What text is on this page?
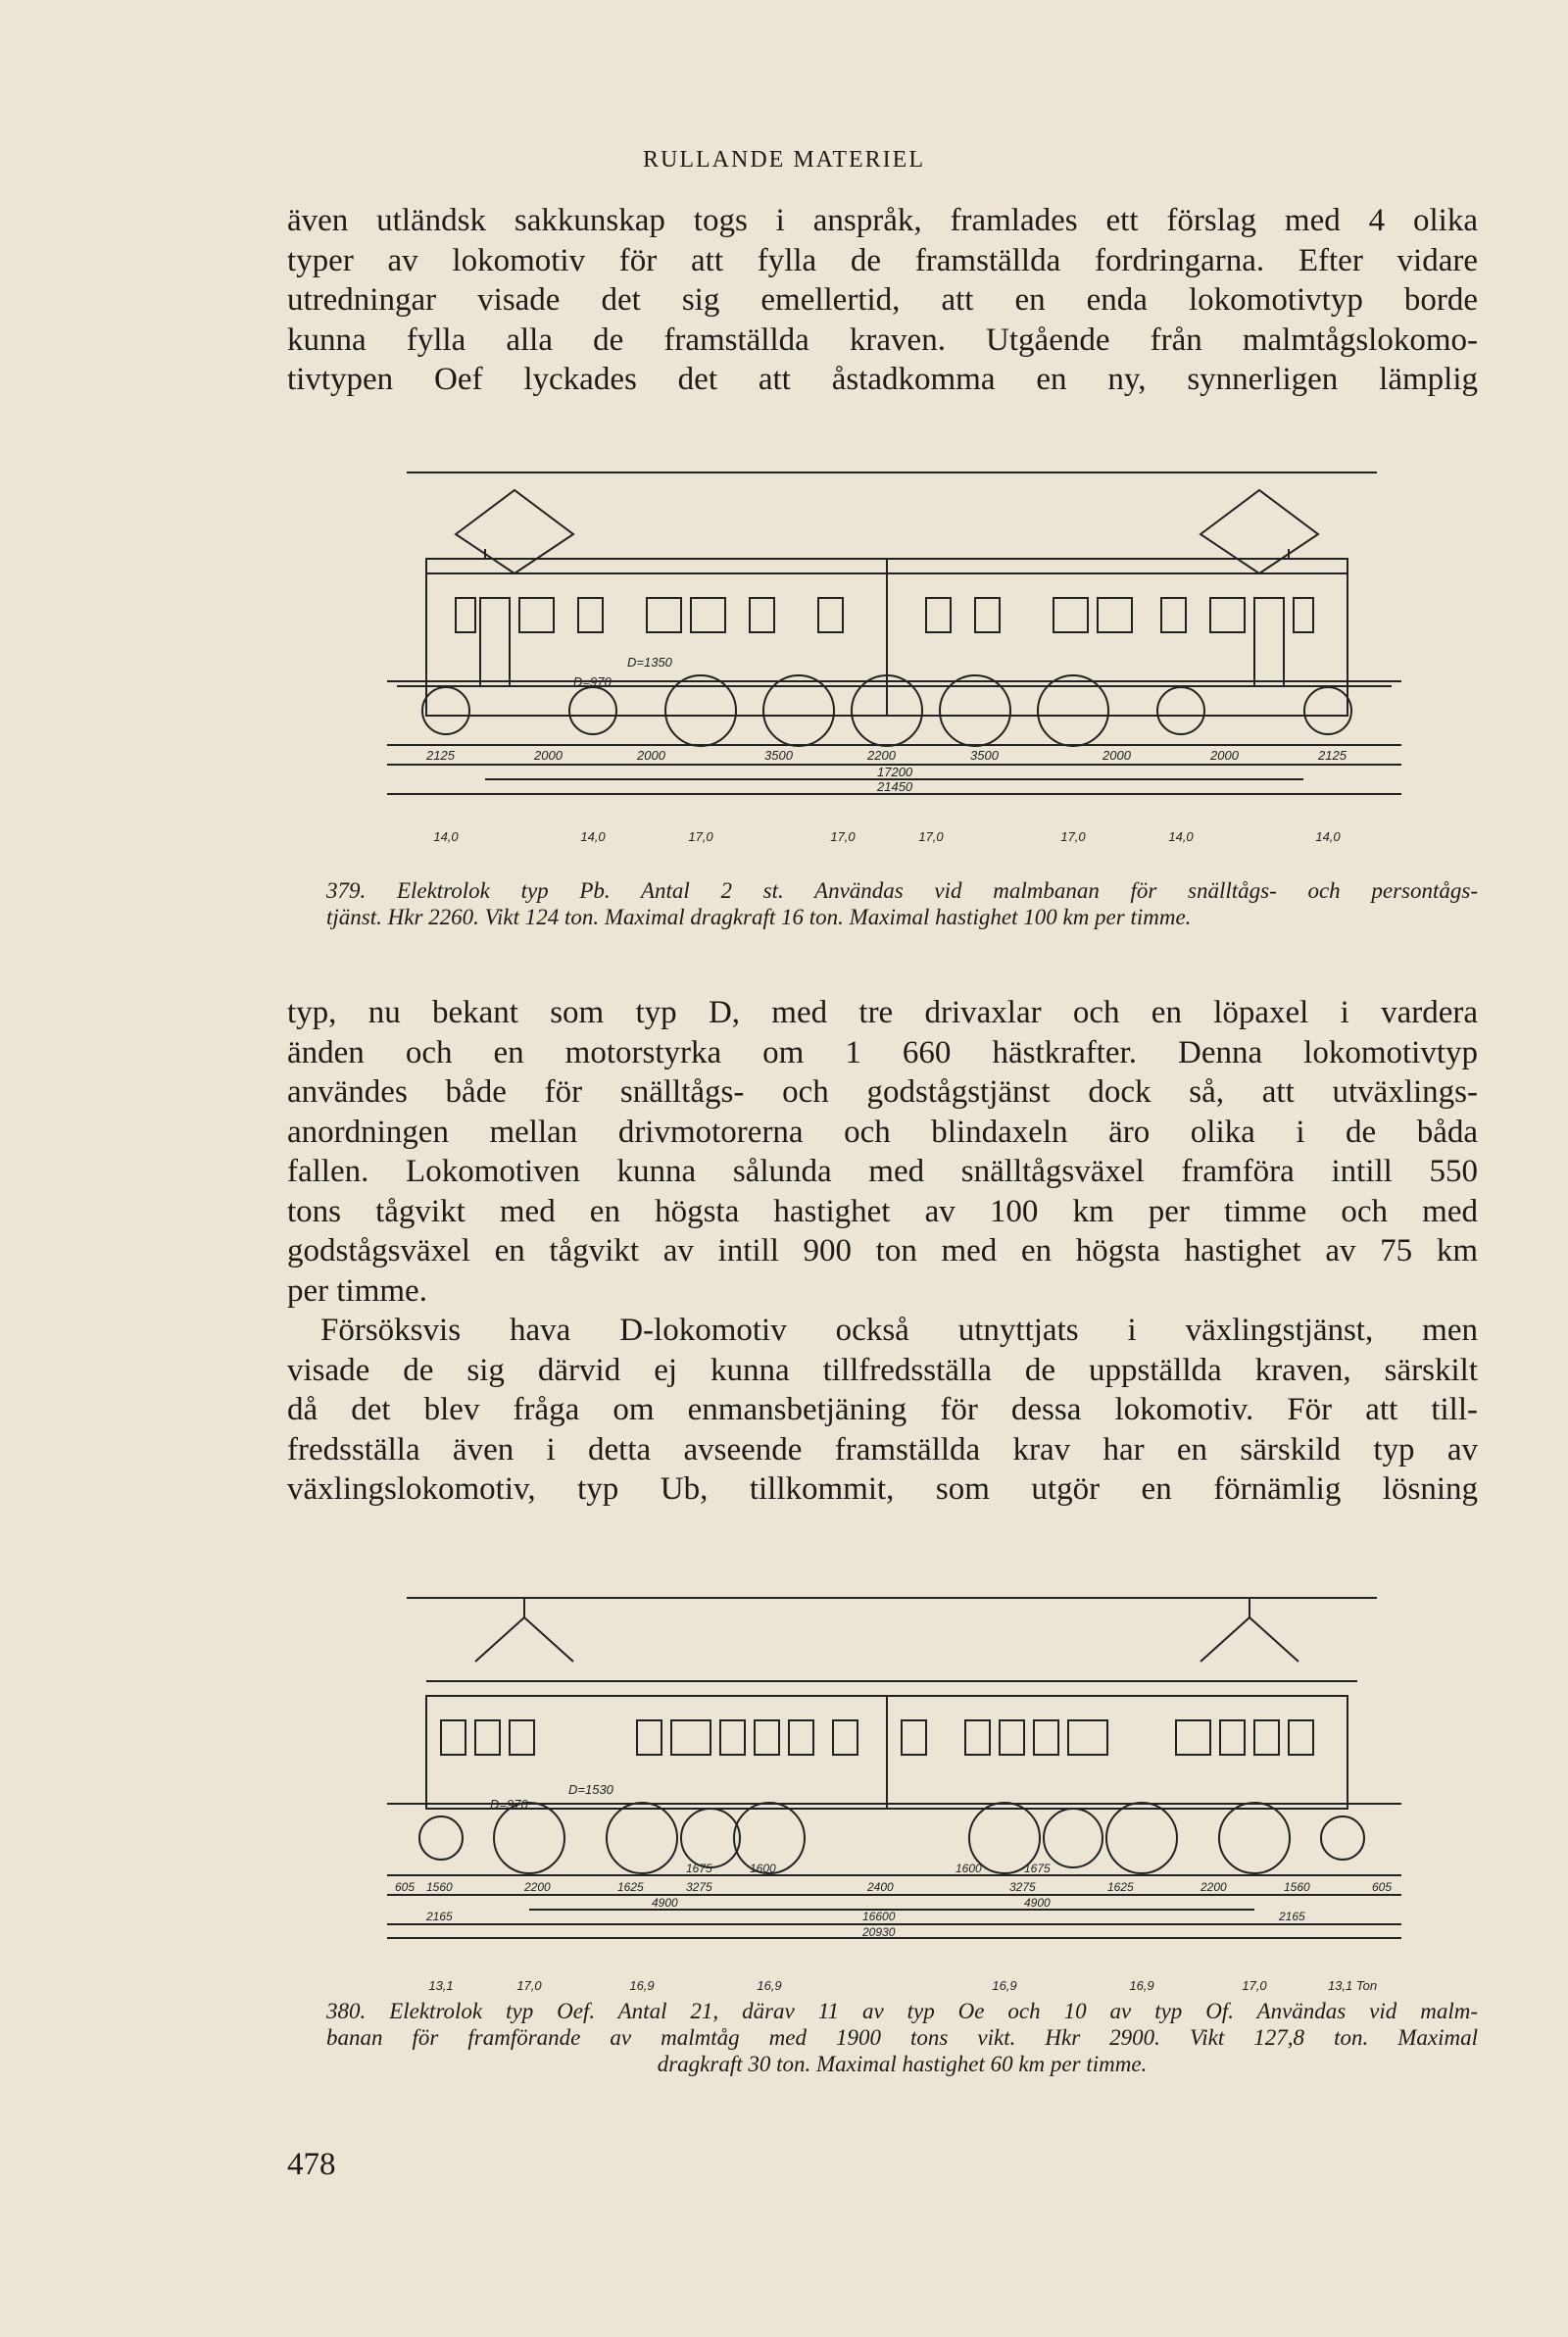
RULLANDE MATERIEL

även utländsk sakkunskap togs i anspråk, framlades ett förslag med 4 olika
typer av lokomotiv för att fylla de framställda fordringarna. Efter vidare
utredningar visade det sig emellertid, att en enda lokomotivtyp borde
kunna fylla alla de framställda kraven. Utgående från malmtågslokomo-
tivtypen Oef lyckades det att åstadkomma en ny, synnerligen lämplig

D=1350
D=970
2125	2000	2000	3500	2200	3500	2000	2000	2125
17200
21450
14,0	14,0	17,0	17,0	17,0	17,0	14,0	14,0
379. Elektrolok typ Pb. Antal 2 st. Användas vid malmbanan för snälltågs- och persontågs-
tjänst. Hkr 2260. Vikt 124 ton. Maximal dragkraft 16 ton. Maximal hastighet 100 km per timme.

typ, nu bekant som typ D, med tre drivaxlar och en löpaxel i vardera
änden och en motorstyrka om 1 660 hästkrafter. Denna lokomotivtyp
användes både för snälltågs- och godstågstjänst dock så, att utväxlings-
anordningen mellan drivmotorerna och blindaxeln äro olika i de båda
fallen. Lokomotiven kunna sålunda med snälltågsväxel framföra intill 550
tons tågvikt med en högsta hastighet av 100 km per timme och med
godstågsväxel en tågvikt av intill 900 ton med en högsta hastighet av 75 km
per timme.

Försöksvis hava D-lokomotiv också utnyttjats i växlingstjänst, men
visade de sig därvid ej kunna tillfredsställa de uppställda kraven, särskilt
då det blev fråga om enmansbetjäning för dessa lokomotiv. För att till-
fredsställa även i detta avseende framställda krav har en särskild typ av
växlingslokomotiv, typ Ub, tillkommit, som utgör en förnämlig lösning

D=1530
D=970
1675	1600	1600	1675
605 1560	2200	1625	3275	2400	3275	1625	2200	1560	605
4900	4900
2165	16600	2165
20930
13,1	17,0	16,9	16,9	16,9	16,9	17,0	13,1 Ton
380. Elektrolok typ Oef. Antal 21, därav 11 av typ Oe och 10 av typ Of. Användas vid malm-
banan för framförande av malmtåg med 1900 tons vikt. Hkr 2900. Vikt 127,8 ton. Maximal
dragkraft 30 ton. Maximal hastighet 60 km per timme.
478
